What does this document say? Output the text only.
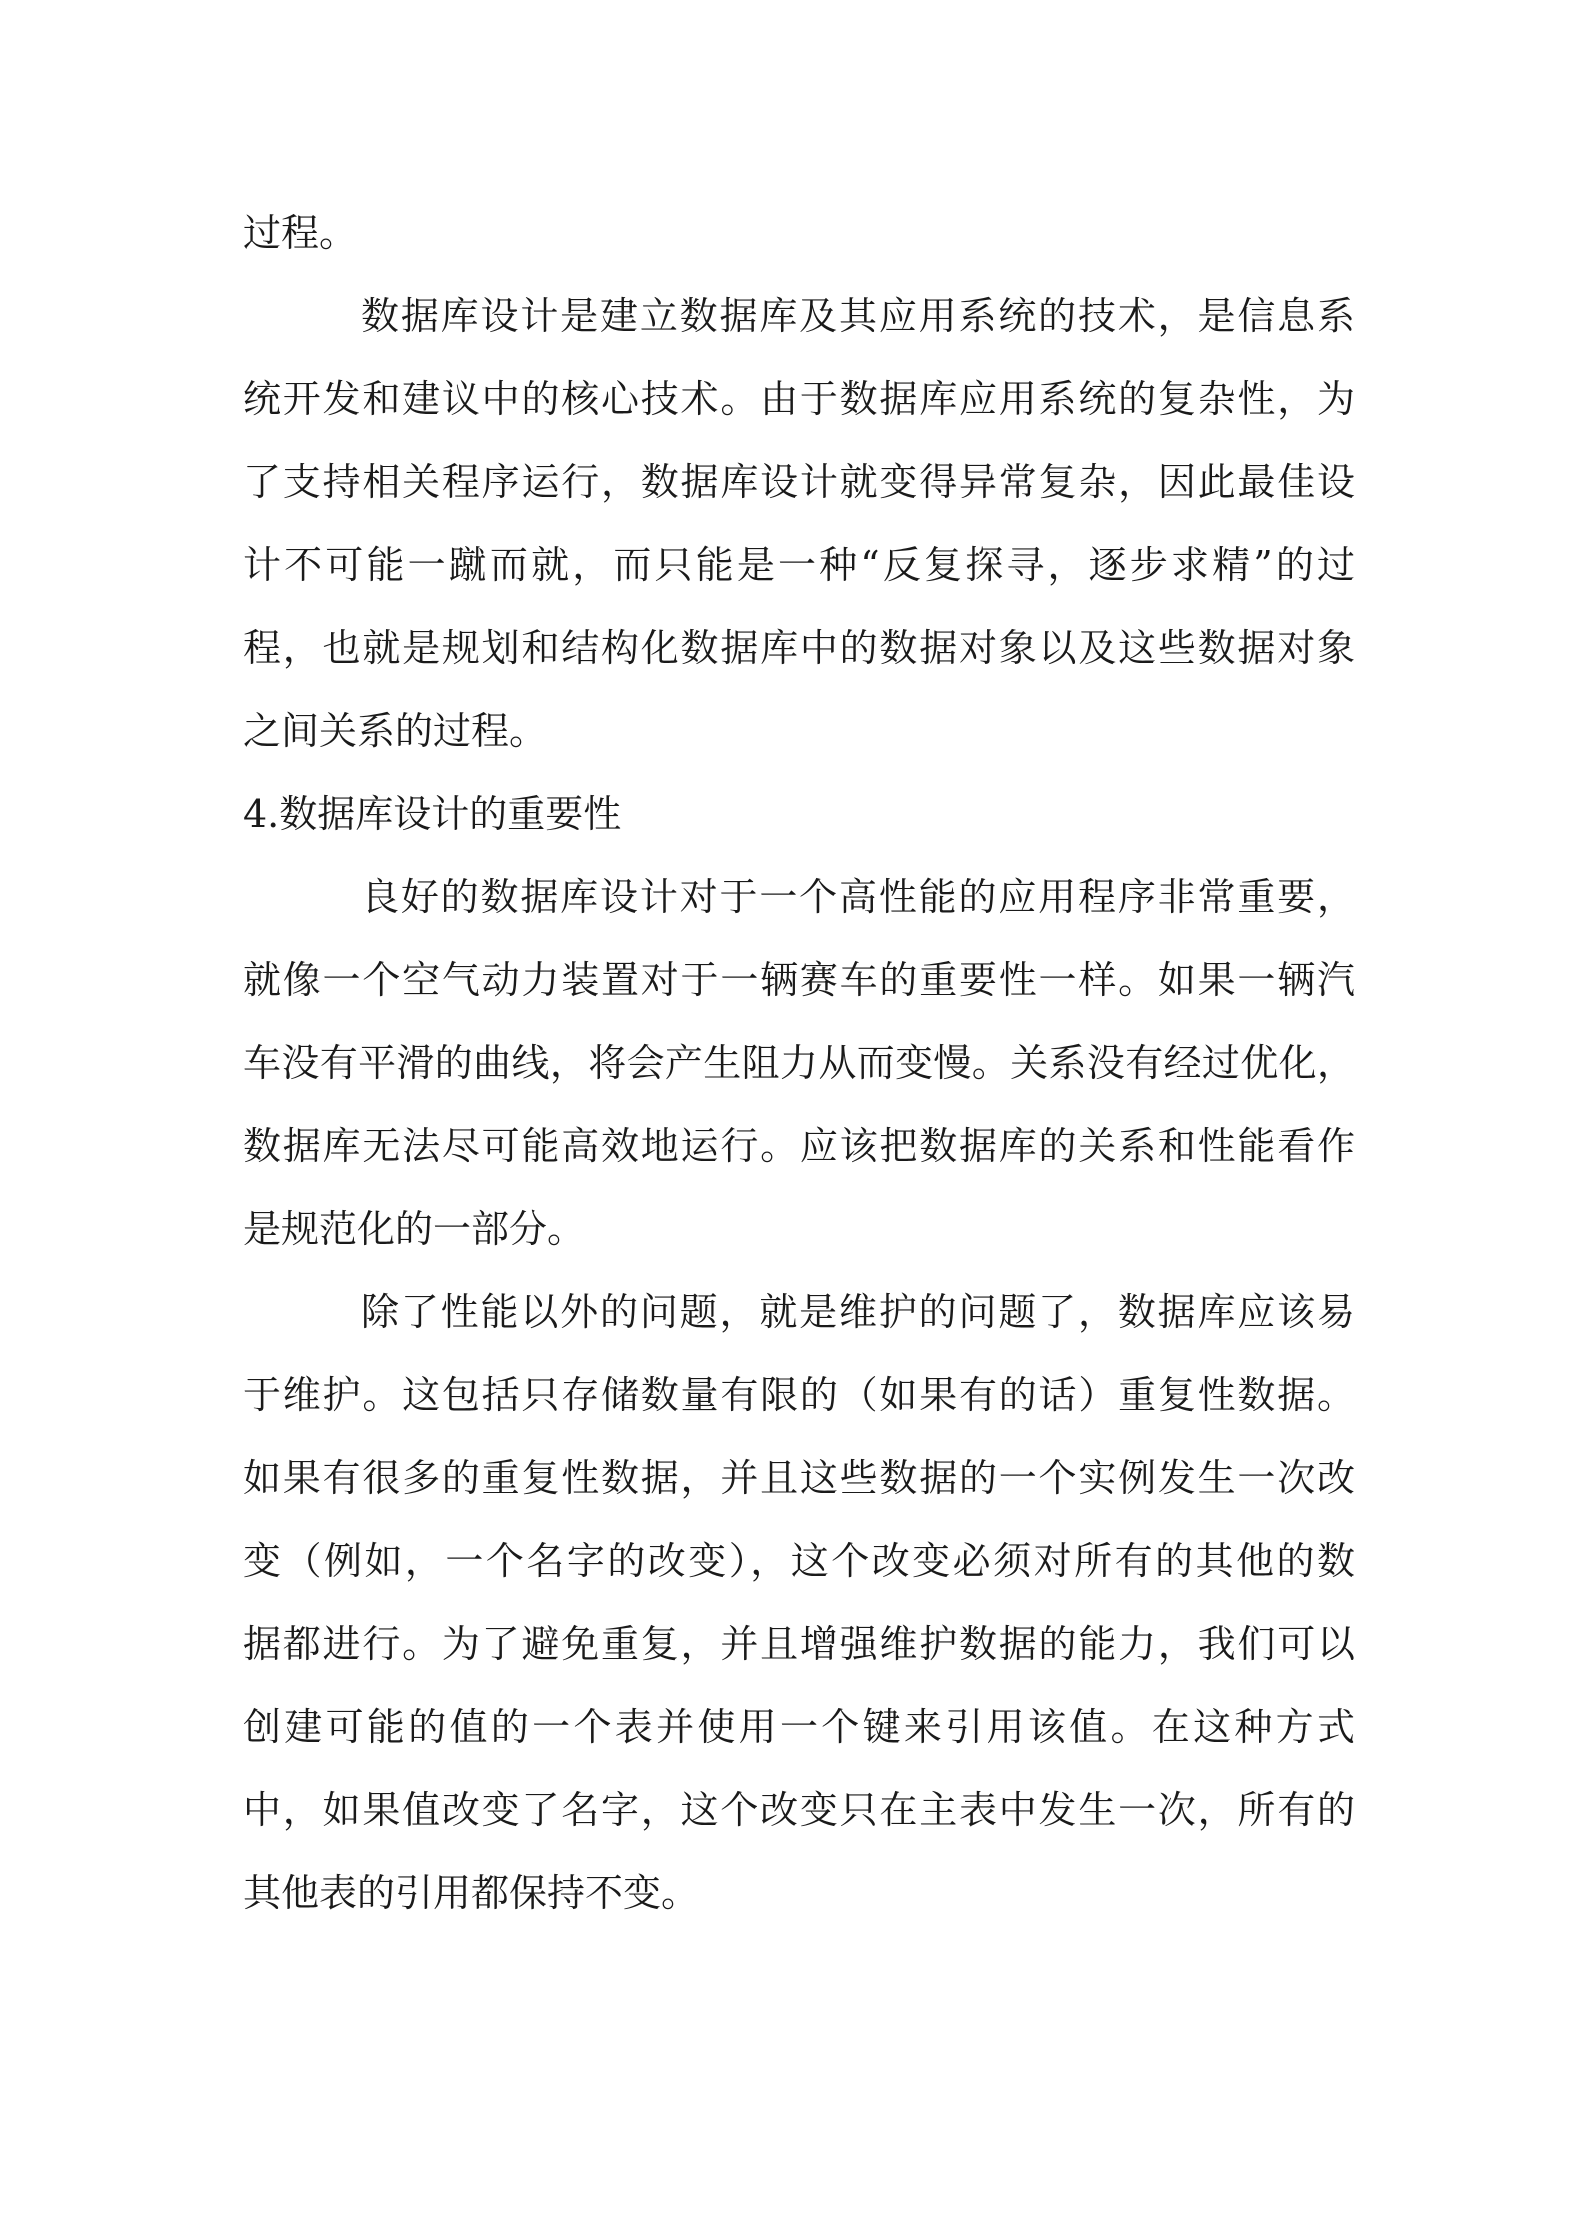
过程。
数据库设计是建立数据库及其应用系统的技术，是信息系
统开发和建议中的核心技术。由于数据库应用系统的复杂性，为
了支持相关程序运行，数据库设计就变得异常复杂，因此最佳设
计不可能一蹴而就，而只能是一种“反复探寻，逐步求精”的过
程，也就是规划和结构化数据库中的数据对象以及这些数据对象
之间关系的过程。
4.数据库设计的重要性
良好的数据库设计对于一个高性能的应用程序非常重要，
就像一个空气动力装置对于一辆赛车的重要性一样。如果一辆汽
车没有平滑的曲线，将会产生阻力从而变慢。关系没有经过优化，
数据库无法尽可能高效地运行。应该把数据库的关系和性能看作
是规范化的一部分。
除了性能以外的问题，就是维护的问题了，数据库应该易
于维护。这包括只存储数量有限的（如果有的话）重复性数据。
如果有很多的重复性数据，并且这些数据的一个实例发生一次改
变（例如，一个名字的改变），这个改变必须对所有的其他的数
据都进行。为了避免重复，并且增强维护数据的能力，我们可以
创建可能的值的一个表并使用一个键来引用该值。在这种方式
中，如果值改变了名字，这个改变只在主表中发生一次，所有的
其他表的引用都保持不变。
